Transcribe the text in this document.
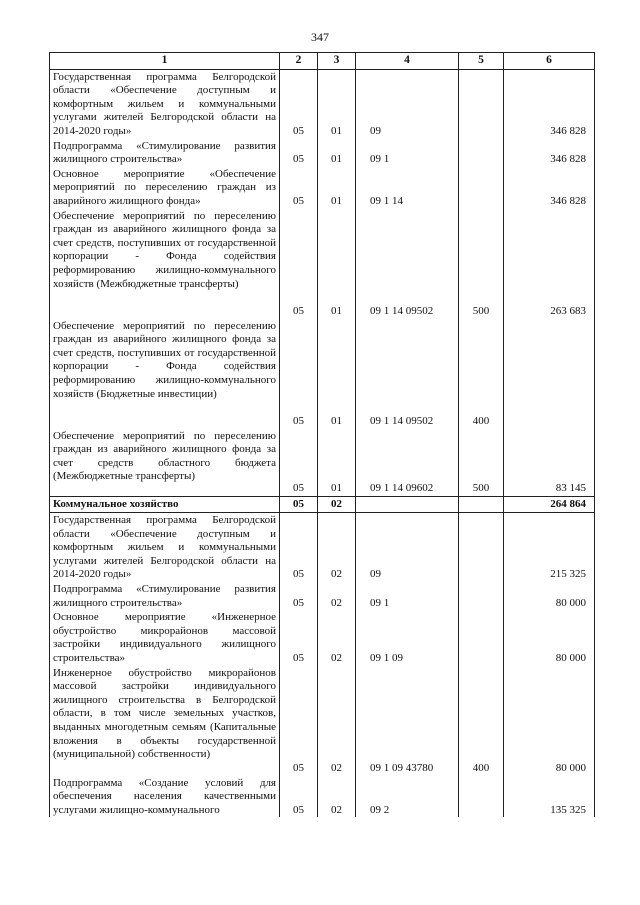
347
1	2	3	4	5	6
Государственная программа Белгородской области «Обеспечение доступным и комфортным жильем и коммунальными услугами жителей Белгородской области на 2014-2020 годы»	05	01	09		346 828
Подпрограмма «Стимулирование развития жилищного строительства»	05	01	09 1		346 828
Основное мероприятие «Обеспечение мероприятий по переселению граждан из аварийного жилищного фонда»	05	01	09 1 14		346 828
Обеспечение мероприятий по переселению граждан из аварийного жилищного фонда за счет средств, поступивших от государственной корпорации - Фонда содействия реформированию жилищно-коммунального хозяйств (Межбюджетные трансферты)	05	01	09 1 14 09502	500	263 683
Обеспечение мероприятий по переселению граждан из аварийного жилищного фонда за счет средств, поступивших от государственной корпорации - Фонда содействия реформированию жилищно-коммунального хозяйств (Бюджетные инвестиции)	05	01	09 1 14 09502	400	
Обеспечение мероприятий по переселению граждан из аварийного жилищного фонда за счет средств областного бюджета (Межбюджетные трансферты)	05	01	09 1 14 09602	500	83 145
Коммунальное хозяйство	05	02			264 864
Государственная программа Белгородской области «Обеспечение доступным и комфортным жильем и коммунальными услугами жителей Белгородской области на 2014-2020 годы»	05	02	09		215 325
Подпрограмма «Стимулирование развития жилищного строительства»	05	02	09 1		80 000
Основное мероприятие «Инженерное обустройство микрорайонов массовой застройки индивидуального жилищного строительства»	05	02	09 1 09		80 000
Инженерное обустройство микрорайонов массовой застройки индивидуального жилищного строительства в Белгородской области, в том числе земельных участков, выданных многодетным семьям (Капитальные вложения в объекты государственной (муниципальной) собственности)	05	02	09 1 09 43780	400	80 000
Подпрограмма «Создание условий для обеспечения населения качественными услугами жилищно-коммунального	05	02	09 2		135 325
